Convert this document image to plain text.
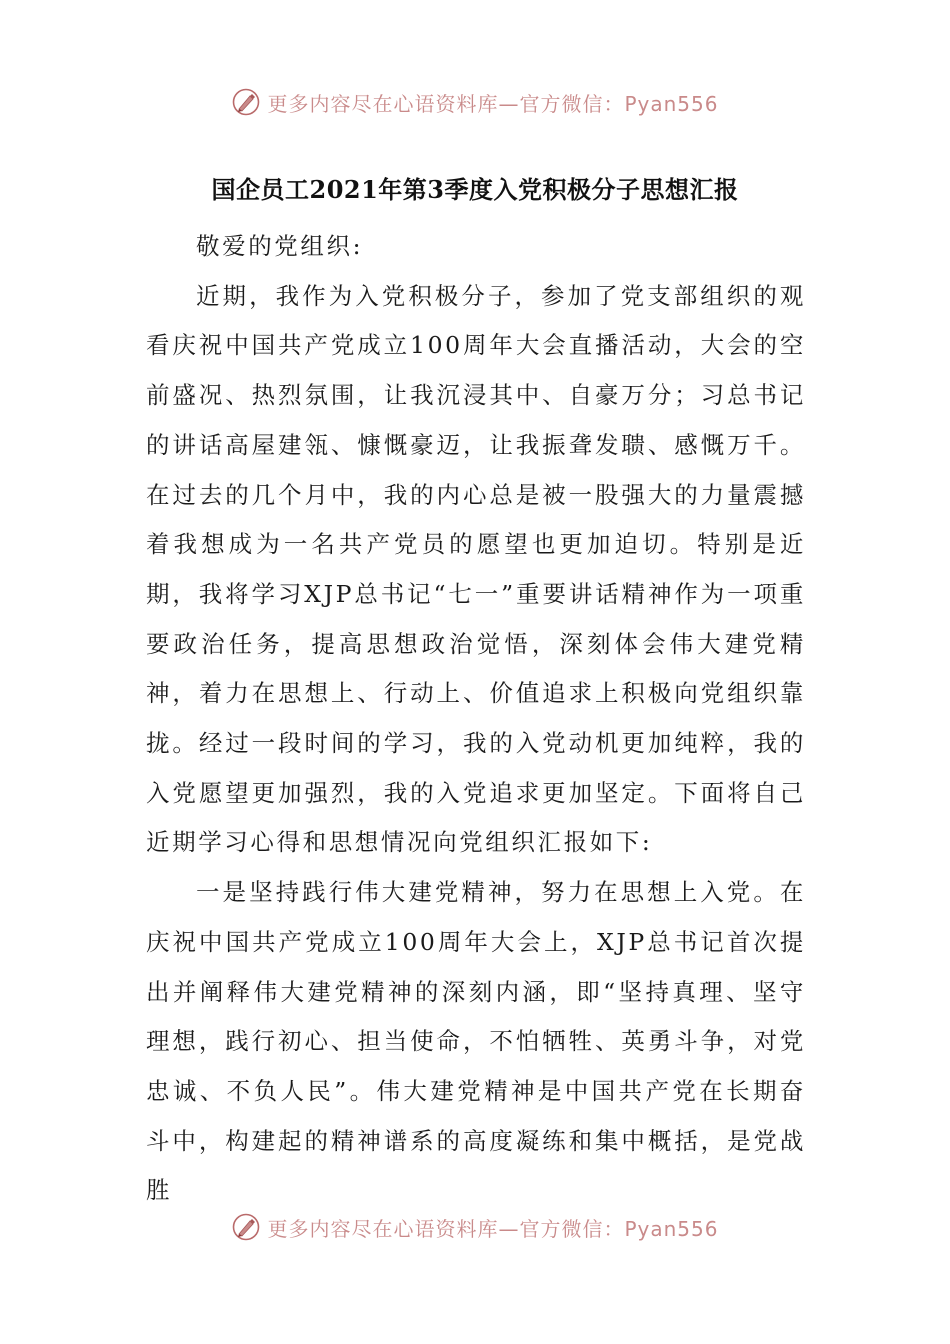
更多内容尽在心语资料库—官方微信：Pyan556
国企员工2021年第3季度入党积极分子思想汇报

敬爱的党组织:

近期，我作为入党积极分子，参加了党支部组织的观看庆祝中国共产党成立100周年大会直播活动，大会的空前盛况、热烈氛围，让我沉浸其中、自豪万分；习总书记的讲话高屋建瓴、慷慨豪迈，让我振聋发聩、感慨万千。在过去的几个月中，我的内心总是被一股强大的力量震撼着我想成为一名共产党员的愿望也更加迫切。特别是近期，我将学习XJP总书记“七一”重要讲话精神作为一项重要政治任务，提高思想政治觉悟，深刻体会伟大建党精神，着力在思想上、行动上、价值追求上积极向党组织靠拢。经过一段时间的学习，我的入党动机更加纯粹，我的入党愿望更加强烈，我的入党追求更加坚定。下面将自己近期学习心得和思想情况向党组织汇报如下:

一是坚持践行伟大建党精神，努力在思想上入党。在庆祝中国共产党成立100周年大会上，XJP总书记首次提出并阐释伟大建党精神的深刻内涵，即“坚持真理、坚守理想，践行初心、担当使命，不怕牺牲、英勇斗争，对党忠诚、不负人民”。伟大建党精神是中国共产党在长期奋斗中，构建起的精神谱系的高度凝练和集中概括，是党战胜

更多内容尽在心语资料库—官方微信：Pyan556
